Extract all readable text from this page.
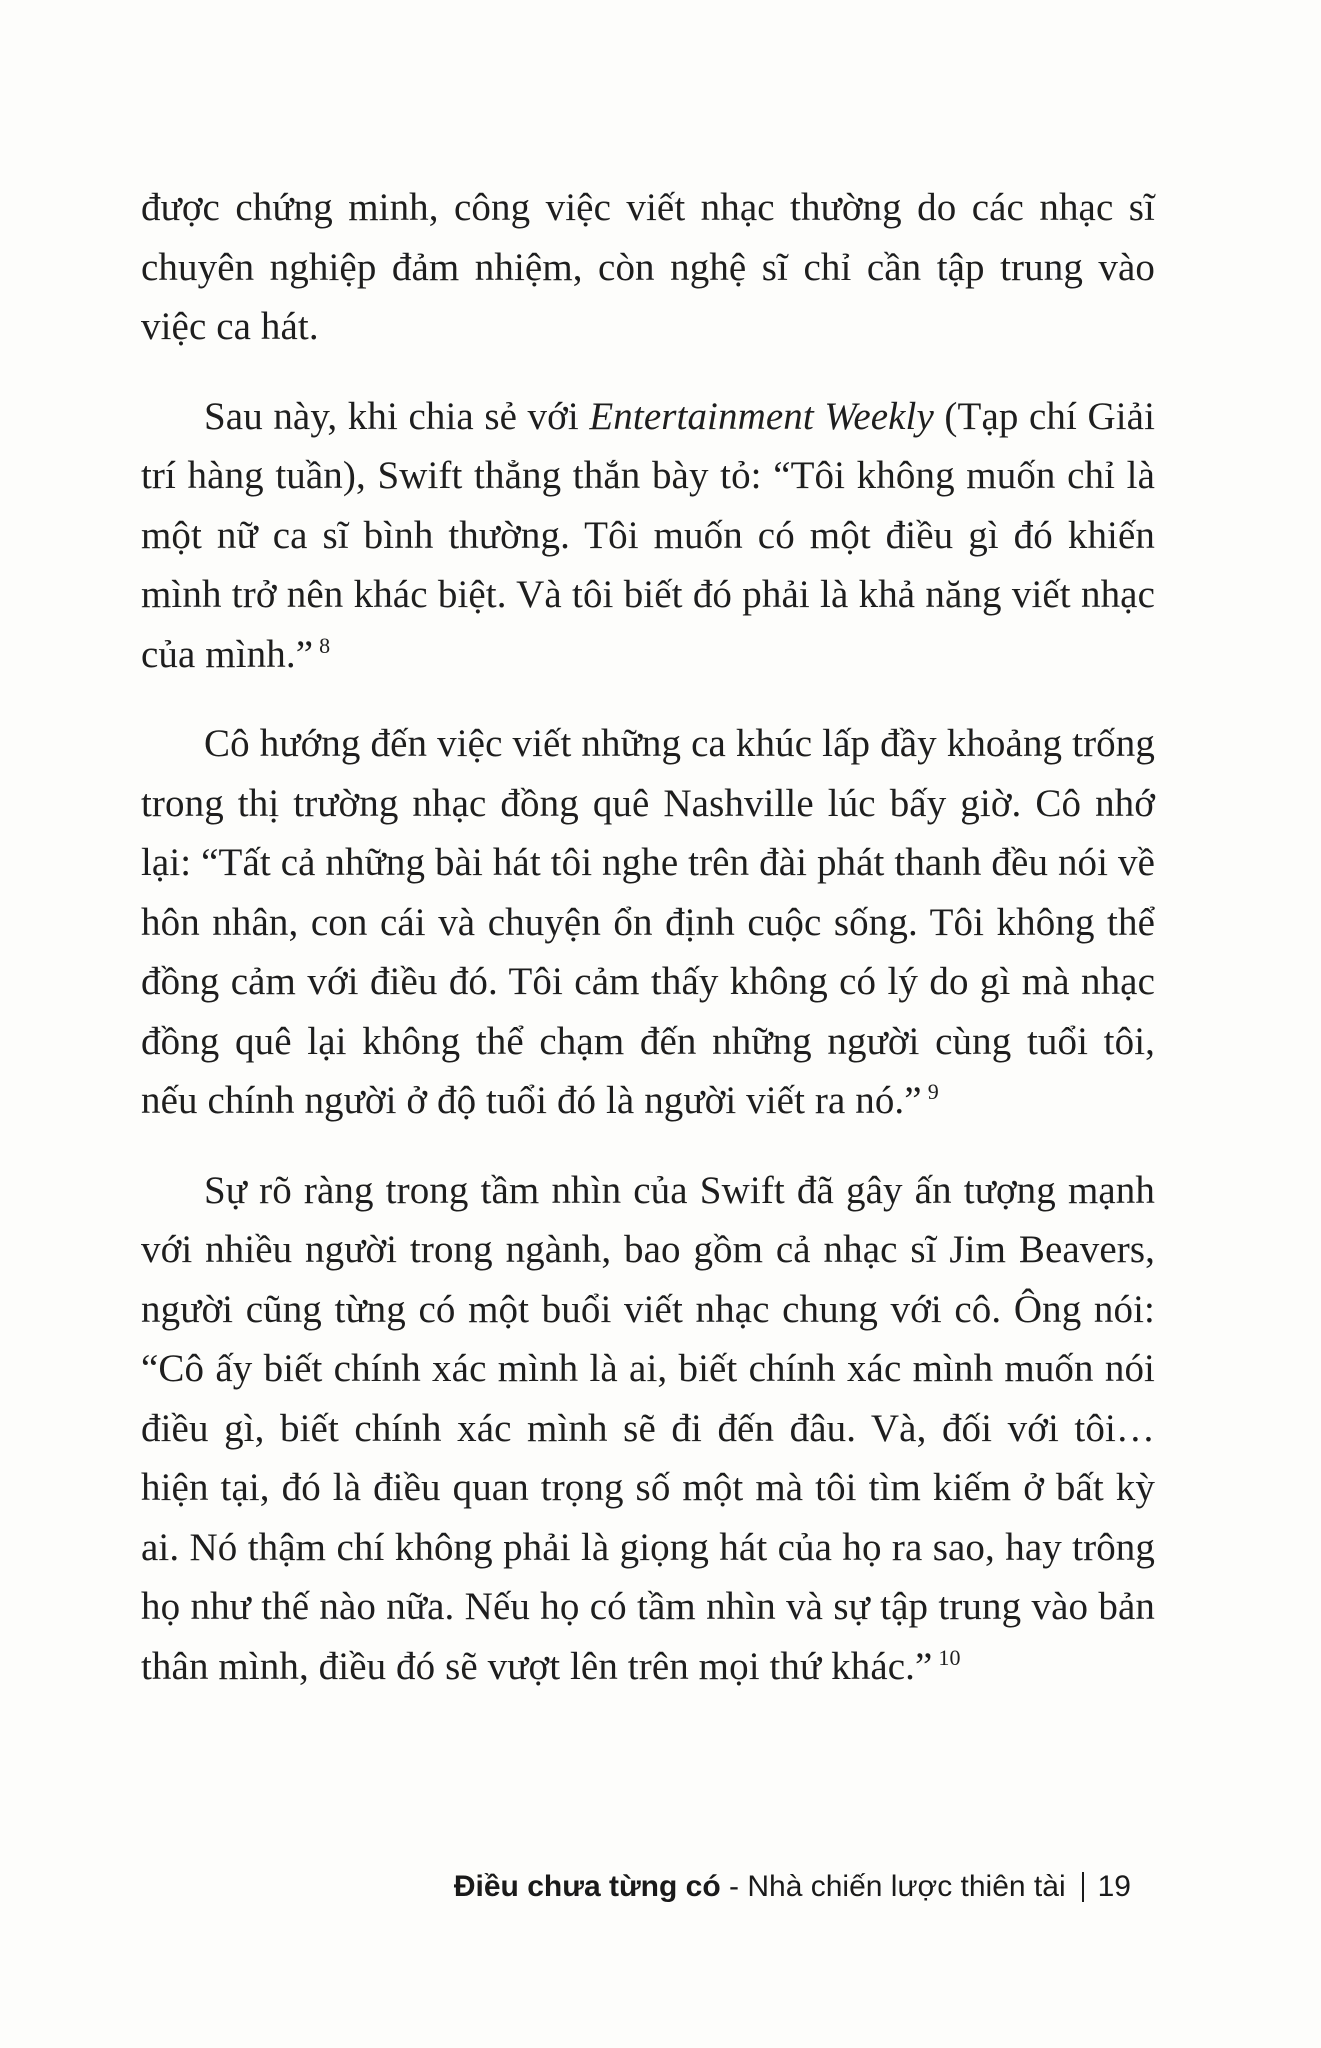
được chứng minh, công việc viết nhạc thường do các nhạc sĩ chuyên nghiệp đảm nhiệm, còn nghệ sĩ chỉ cần tập trung vào việc ca hát.

Sau này, khi chia sẻ với Entertainment Weekly (Tạp chí Giải trí hàng tuần), Swift thẳng thắn bày tỏ: “Tôi không muốn chỉ là một nữ ca sĩ bình thường. Tôi muốn có một điều gì đó khiến mình trở nên khác biệt. Và tôi biết đó phải là khả năng viết nhạc của mình.” $^8$

Cô hướng đến việc viết những ca khúc lấp đầy khoảng trống trong thị trường nhạc đồng quê Nashville lúc bấy giờ. Cô nhớ lại: “Tất cả những bài hát tôi nghe trên đài phát thanh đều nói về hôn nhân, con cái và chuyện ổn định cuộc sống. Tôi không thể đồng cảm với điều đó. Tôi cảm thấy không có lý do gì mà nhạc đồng quê lại không thể chạm đến những người cùng tuổi tôi, nếu chính người ở độ tuổi đó là người viết ra nó.” $^9$

Sự rõ ràng trong tầm nhìn của Swift đã gây ấn tượng mạnh với nhiều người trong ngành, bao gồm cả nhạc sĩ Jim Beavers, người cũng từng có một buổi viết nhạc chung với cô. Ông nói: “Cô ấy biết chính xác mình là ai, biết chính xác mình muốn nói điều gì, biết chính xác mình sẽ đi đến đâu. Và, đối với tôi… hiện tại, đó là điều quan trọng số một mà tôi tìm kiếm ở bất kỳ ai. Nó thậm chí không phải là giọng hát của họ ra sao, hay trông họ như thế nào nữa. Nếu họ có tầm nhìn và sự tập trung vào bản thân mình, điều đó sẽ vượt lên trên mọi thứ khác.” $^{10}$

Điều chưa từng có - Nhà chiến lược thiên tài 19
